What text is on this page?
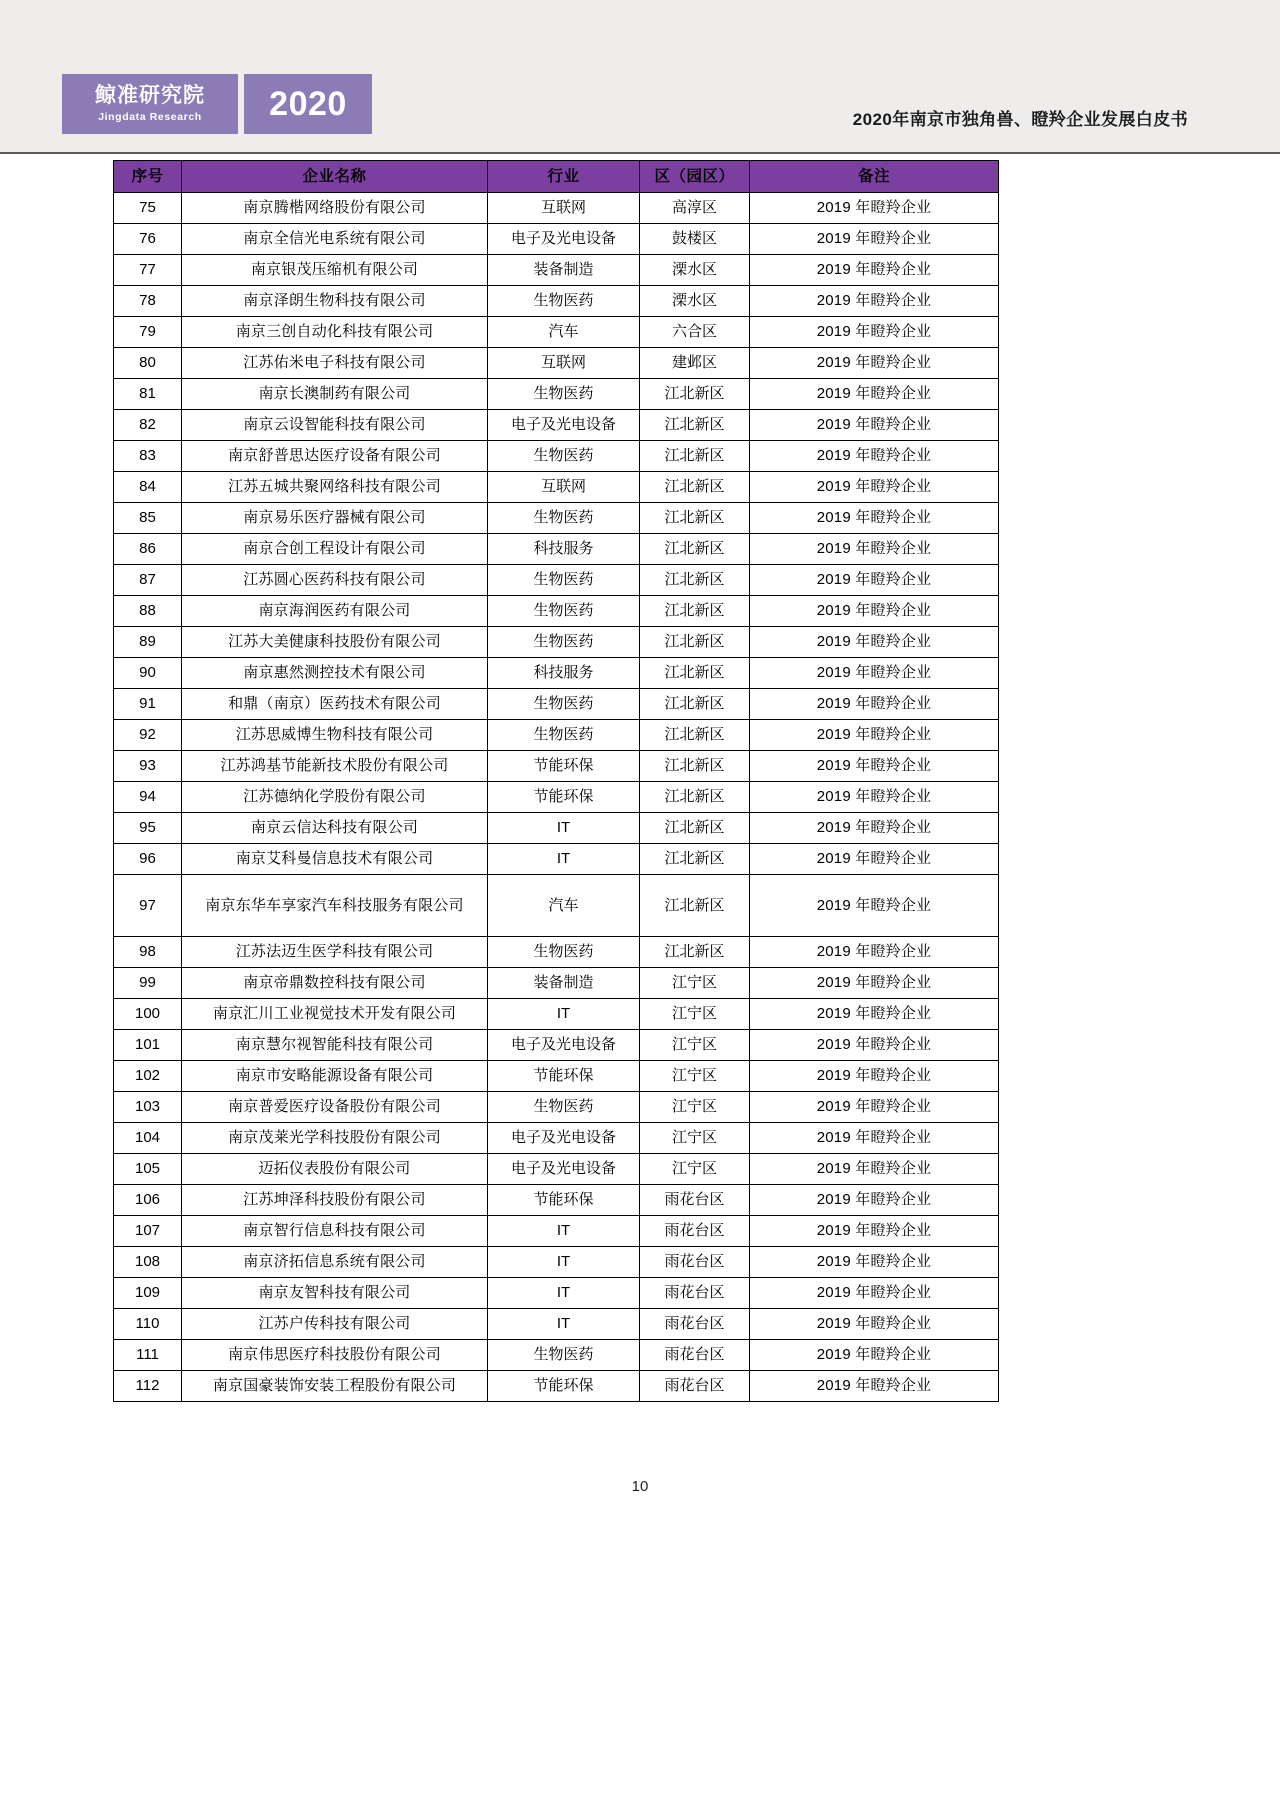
鲸准研究院
Jingdata Research 2020	2020年南京市独角兽、瞪羚企业发展白皮书
序号	企业名称	行业	区（园区）	备注
75	南京腾楷网络股份有限公司	互联网	高淳区	2019 年瞪羚企业
76	南京全信光电系统有限公司	电子及光电设备	鼓楼区	2019 年瞪羚企业
77	南京银茂压缩机有限公司	装备制造	溧水区	2019 年瞪羚企业
78	南京泽朗生物科技有限公司	生物医药	溧水区	2019 年瞪羚企业
79	南京三创自动化科技有限公司	汽车	六合区	2019 年瞪羚企业
80	江苏佑米电子科技有限公司	互联网	建邺区	2019 年瞪羚企业
81	南京长澳制药有限公司	生物医药	江北新区	2019 年瞪羚企业
82	南京云设智能科技有限公司	电子及光电设备	江北新区	2019 年瞪羚企业
83	南京舒普思达医疗设备有限公司	生物医药	江北新区	2019 年瞪羚企业
84	江苏五城共聚网络科技有限公司	互联网	江北新区	2019 年瞪羚企业
85	南京易乐医疗器械有限公司	生物医药	江北新区	2019 年瞪羚企业
86	南京合创工程设计有限公司	科技服务	江北新区	2019 年瞪羚企业
87	江苏圆心医药科技有限公司	生物医药	江北新区	2019 年瞪羚企业
88	南京海润医药有限公司	生物医药	江北新区	2019 年瞪羚企业
89	江苏大美健康科技股份有限公司	生物医药	江北新区	2019 年瞪羚企业
90	南京惠然测控技术有限公司	科技服务	江北新区	2019 年瞪羚企业
91	和鼎（南京）医药技术有限公司	生物医药	江北新区	2019 年瞪羚企业
92	江苏思威博生物科技有限公司	生物医药	江北新区	2019 年瞪羚企业
93	江苏鸿基节能新技术股份有限公司	节能环保	江北新区	2019 年瞪羚企业
94	江苏德纳化学股份有限公司	节能环保	江北新区	2019 年瞪羚企业
95	南京云信达科技有限公司	IT	江北新区	2019 年瞪羚企业
96	南京艾科曼信息技术有限公司	IT	江北新区	2019 年瞪羚企业
97	南京东华车享家汽车科技服务有限公司	汽车	江北新区	2019 年瞪羚企业
98	江苏法迈生医学科技有限公司	生物医药	江北新区	2019 年瞪羚企业
99	南京帝鼎数控科技有限公司	装备制造	江宁区	2019 年瞪羚企业
100	南京汇川工业视觉技术开发有限公司	IT	江宁区	2019 年瞪羚企业
101	南京慧尔视智能科技有限公司	电子及光电设备	江宁区	2019 年瞪羚企业
102	南京市安略能源设备有限公司	节能环保	江宁区	2019 年瞪羚企业
103	南京普爱医疗设备股份有限公司	生物医药	江宁区	2019 年瞪羚企业
104	南京茂莱光学科技股份有限公司	电子及光电设备	江宁区	2019 年瞪羚企业
105	迈拓仪表股份有限公司	电子及光电设备	江宁区	2019 年瞪羚企业
106	江苏坤泽科技股份有限公司	节能环保	雨花台区	2019 年瞪羚企业
107	南京智行信息科技有限公司	IT	雨花台区	2019 年瞪羚企业
108	南京济拓信息系统有限公司	IT	雨花台区	2019 年瞪羚企业
109	南京友智科技有限公司	IT	雨花台区	2019 年瞪羚企业
110	江苏户传科技有限公司	IT	雨花台区	2019 年瞪羚企业
111	南京伟思医疗科技股份有限公司	生物医药	雨花台区	2019 年瞪羚企业
112	南京国豪装饰安装工程股份有限公司	节能环保	雨花台区	2019 年瞪羚企业
10
